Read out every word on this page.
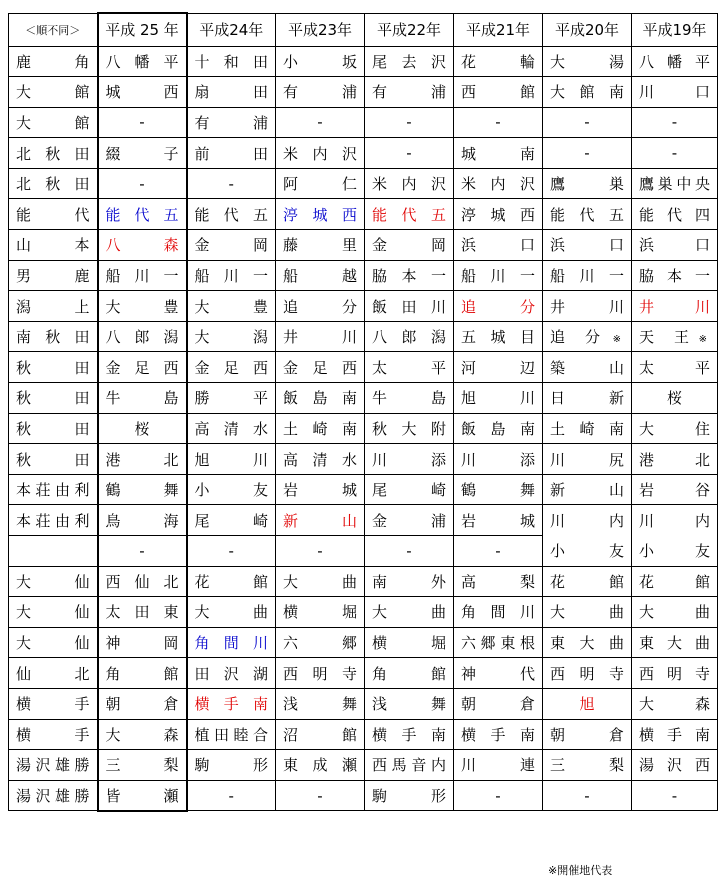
＜順不同＞	平成 25 年	平成24年	平成23年	平成22年	平成21年	平成20年	平成19年
鹿 角	八 幡 平	十 和 田	小 坂	尾 去 沢	花 輪	大 湯	八 幡 平
大 館	城 西	扇 田	有 浦	有 浦	西 館	大 館 南	川 口
大 館	-	有 浦	-	-	-	-	-
北 秋 田	綴 子	前 田	米 内 沢	-	城 南	-	-
北 秋 田	-	-	阿 仁	米 内 沢	米 内 沢	鷹 巣	鷹巣中央
能 代	能 代 五	能 代 五	渟 城 西	能 代 五	渟 城 西	能 代 五	能 代 四
山 本	八 森	金 岡	藤 里	金 岡	浜 口	浜 口	浜 口
男 鹿	船 川 一	船 川 一	船 越	脇 本 一	船 川 一	船 川 一	脇 本 一
潟 上	大 豊	大 豊	追 分	飯 田 川	追 分	井 川	井 川
南 秋 田	八 郎 潟	大 潟	井 川	八 郎 潟	五 城 目	追 分 ※	天 王 ※
秋 田	金 足 西	金 足 西	金 足 西	太 平	河 辺	築 山	太 平
秋 田	牛 島	勝 平	飯 島 南	牛 島	旭 川	日 新	桜
秋 田	桜	高 清 水	土 崎 南	秋 大 附	飯 島 南	土 崎 南	大 住
秋 田	港 北	旭 川	高 清 水	川 添	川 添	川 尻	港 北
本荘由利	鶴 舞	小 友	岩 城	尾 崎	鶴 舞	新 山	岩 谷
本荘由利	鳥 海	尾 崎	新 山	金 浦	岩 城	川 内	川 内
	-	-	-	-	-	小 友	小 友
大 仙	西 仙 北	花 館	大 曲	南 外	高 梨	花 館	花 館
大 仙	太 田 東	大 曲	横 堀	大 曲	角 間 川	大 曲	大 曲
大 仙	神 岡	角 間 川	六 郷	横 堀	六郷東根	東 大 曲	東 大 曲
仙 北	角 館	田 沢 湖	西 明 寺	角 館	神 代	西 明 寺	西 明 寺
横 手	朝 倉	横 手 南	浅 舞	浅 舞	朝 倉	旭	大 森
横 手	大 森	植田睦合	沼 館	横 手 南	横 手 南	朝 倉	横 手 南
湯沢雄勝	三 梨	駒 形	東 成 瀬	西馬音内	川 連	三 梨	湯 沢 西
湯沢雄勝	皆 瀬	-	-	駒 形	-	-	-
※開催地代表
